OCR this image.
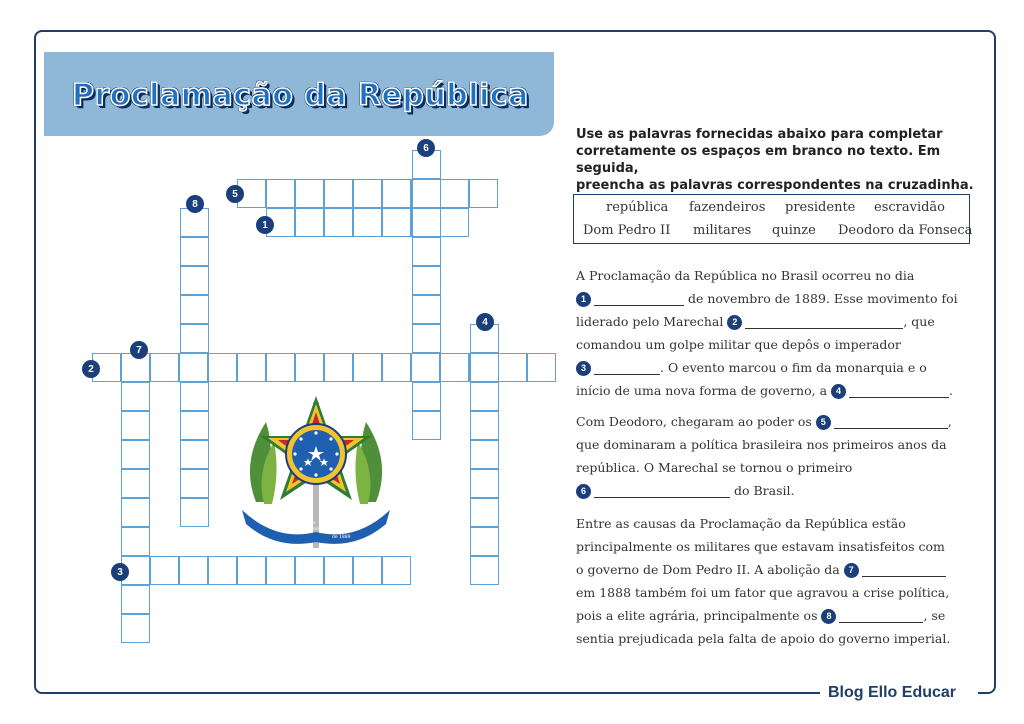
Blog Ello Educar
Proclamação da República
1
2
3
4
5
6
7
8
15 de novembro
de 1889
REPÚBLICA FEDERATIVA DO BRASIL
Use as palavras fornecidas abaixo para completar
corretamente os espaços em branco no texto. Em seguida,
preencha as palavras correspondentes na cruzadinha.
república fazendeiros presidente escravidão
Dom Pedro II militares quinze Deodoro da Fonseca
A Proclamação da República no Brasil ocorreu no dia
1	de novembro de 1889. Esse movimento foi
liderado pelo Marechal 2	, que
comandou um golpe militar que depôs o imperador
3	. O evento marcou o fim da monarquia e o
início de uma nova forma de governo, a 4	.
Com Deodoro, chegaram ao poder os 5	,
que dominaram a política brasileira nos primeiros anos da
república. O Marechal se tornou o primeiro
6	do Brasil.
Entre as causas da Proclamação da República estão
principalmente os militares que estavam insatisfeitos com
o governo de Dom Pedro II. A abolição da 7
em 1888 também foi um fator que agravou a crise política,
pois a elite agrária, principalmente os 8	, se
sentia prejudicada pela falta de apoio do governo imperial.
